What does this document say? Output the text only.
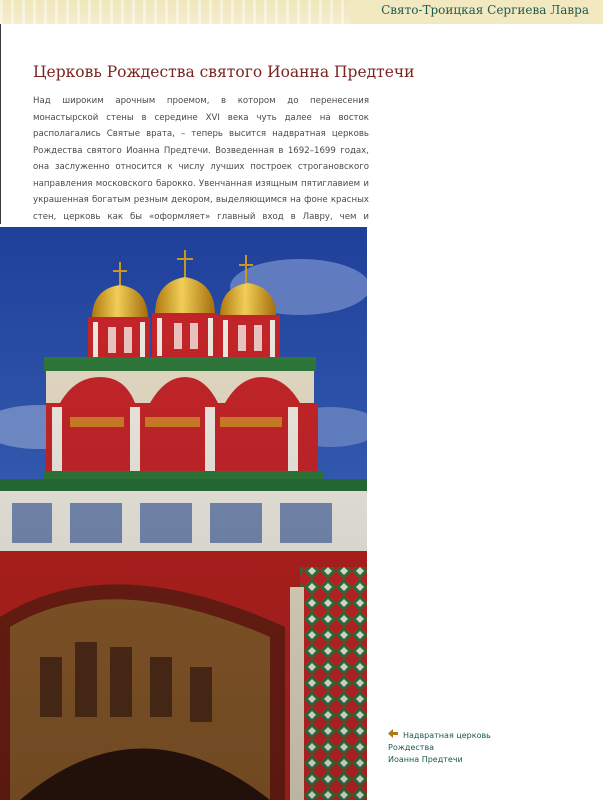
Свято-Троицкая Сергиева Лавра
Церковь Рождества святого Иоанна Предтечи

Над широким арочным проемом, в котором до перенесения монастырской стены в середине XVI века чуть далее на восток располагались Святые врата, – теперь высится надвратная церковь Рождества святого Иоанна Предтечи. Возведенная в 1692–1699 годах, она заслуженно относится к числу лучших построек строгановского направления московского барокко. Увенчанная изящным пятиглавием и украшенная богатым резным декором, выделяющимся на фоне красных стен, церковь как бы «оформляет» главный вход в Лавру, чем и

Надвратная церковь Рождества
Иоанна Предтечи
